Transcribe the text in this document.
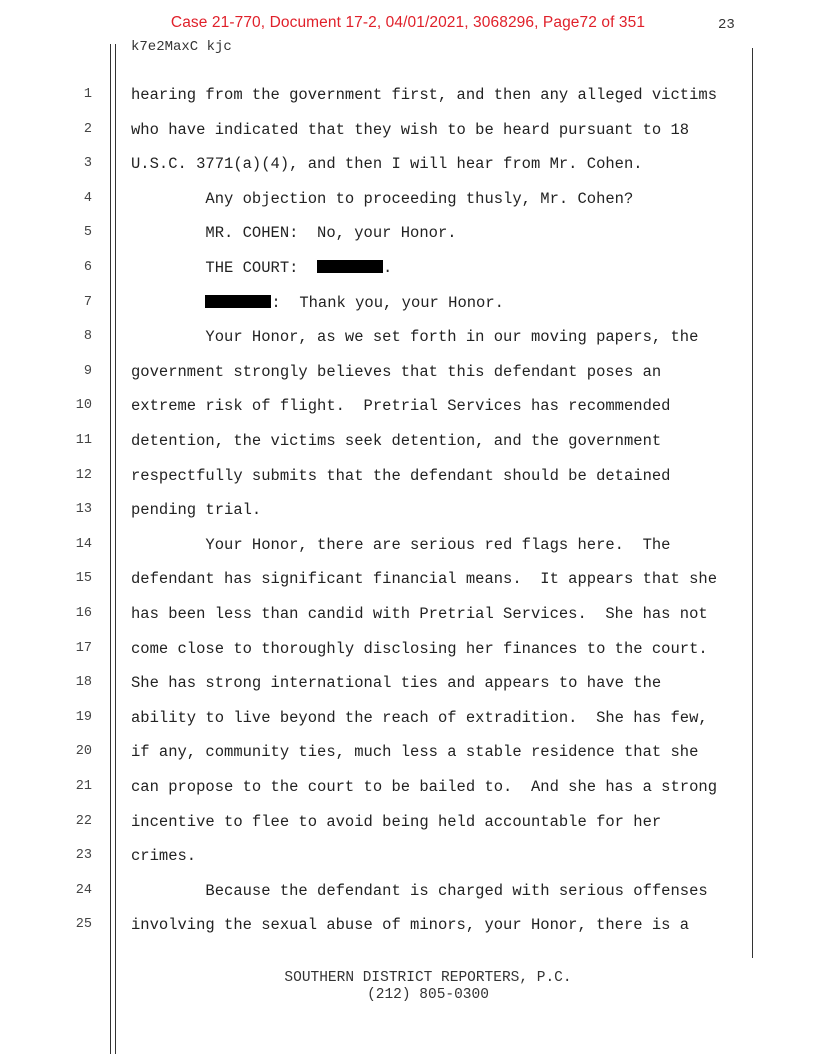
Case 21-770, Document 17-2, 04/01/2021, 3068296, Page72 of 351	23
k7e2MaxC kjc
1	hearing from the government first, and then any alleged victims
2	who have indicated that they wish to be heard pursuant to 18
3	U.S.C. 3771(a)(4), and then I will hear from Mr. Cohen.
4	Any objection to proceeding thusly, Mr. Cohen?
5	MR. COHEN:  No, your Honor.
6	THE COURT:	.
7	:  Thank you, your Honor.
8	Your Honor, as we set forth in our moving papers, the
9	government strongly believes that this defendant poses an
10	extreme risk of flight.  Pretrial Services has recommended
11	detention, the victims seek detention, and the government
12	respectfully submits that the defendant should be detained
13	pending trial.
14	Your Honor, there are serious red flags here.  The
15	defendant has significant financial means.  It appears that she
16	has been less than candid with Pretrial Services.  She has not
17	come close to thoroughly disclosing her finances to the court.
18	She has strong international ties and appears to have the
19	ability to live beyond the reach of extradition.  She has few,
20	if any, community ties, much less a stable residence that she
21	can propose to the court to be bailed to.  And she has a strong
22	incentive to flee to avoid being held accountable for her
23	crimes.
24	Because the defendant is charged with serious offenses
25	involving the sexual abuse of minors, your Honor, there is a
SOUTHERN DISTRICT REPORTERS, P.C.
(212) 805-0300
